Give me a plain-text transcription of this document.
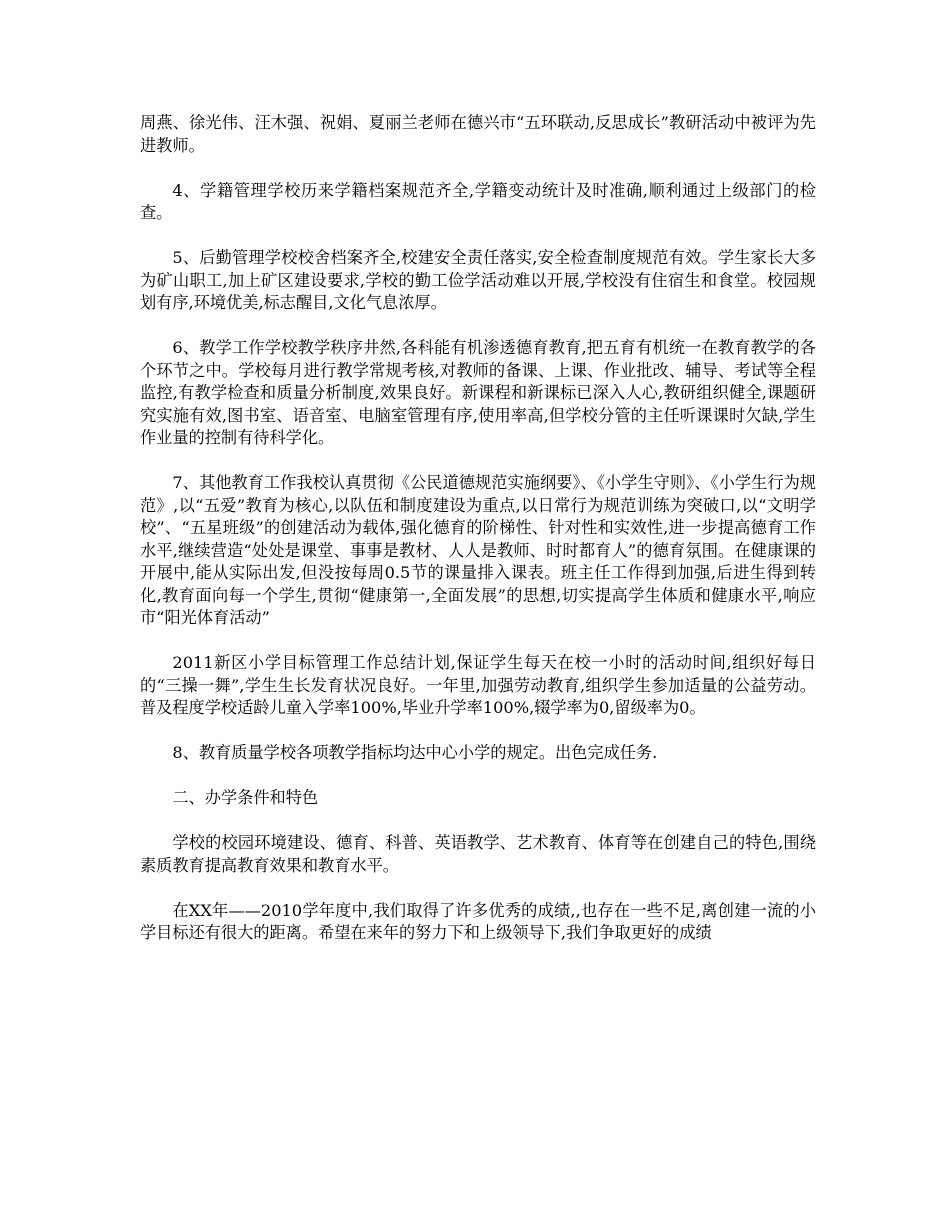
周燕、徐光伟、汪木强、祝娟、夏丽兰老师在德兴市“五环联动,反思成长”教研活动中被评为先进教师。

4、学籍管理学校历来学籍档案规范齐全,学籍变动统计及时准确,顺利通过上级部门的检查。

5、后勤管理学校校舍档案齐全,校建安全责任落实,安全检查制度规范有效。学生家长大多为矿山职工,加上矿区建设要求,学校的勤工俭学活动难以开展,学校没有住宿生和食堂。校园规划有序,环境优美,标志醒目,文化气息浓厚。

6、教学工作学校教学秩序井然,各科能有机渗透德育教育,把五育有机统一在教育教学的各个环节之中。学校每月进行教学常规考核,对教师的备课、上课、作业批改、辅导、考试等全程监控,有教学检查和质量分析制度,效果良好。新课程和新课标已深入人心,教研组织健全,课题研究实施有效,图书室、语音室、电脑室管理有序,使用率高,但学校分管的主任听课课时欠缺,学生作业量的控制有待科学化。

7、其他教育工作我校认真贯彻《公民道德规范实施纲要》、《小学生守则》、《小学生行为规范》,以“五爱”教育为核心,以队伍和制度建设为重点,以日常行为规范训练为突破口,以“文明学校”、“五星班级”的创建活动为载体,强化德育的阶梯性、针对性和实效性,进一步提高德育工作水平,继续营造“处处是课堂、事事是教材、人人是教师、时时都育人”的德育氛围。在健康课的开展中,能从实际出发,但没按每周0.5节的课量排入课表。班主任工作得到加强,后进生得到转化,教育面向每一个学生,贯彻“健康第一,全面发展”的思想,切实提高学生体质和健康水平,响应市“阳光体育活动”

2011新区小学目标管理工作总结计划,保证学生每天在校一小时的活动时间,组织好每日的“三操一舞”,学生生长发育状况良好。一年里,加强劳动教育,组织学生参加适量的公益劳动。普及程度学校适龄儿童入学率100%,毕业升学率100%,辍学率为0,留级率为0。

8、教育质量学校各项教学指标均达中心小学的规定。出色完成任务.

二、办学条件和特色

学校的校园环境建设、德育、科普、英语教学、艺术教育、体育等在创建自己的特色,围绕素质教育提高教育效果和教育水平。

在XX年——2010学年度中,我们取得了许多优秀的成绩,,也存在一些不足,离创建一流的小学目标还有很大的距离。希望在来年的努力下和上级领导下,我们争取更好的成绩
